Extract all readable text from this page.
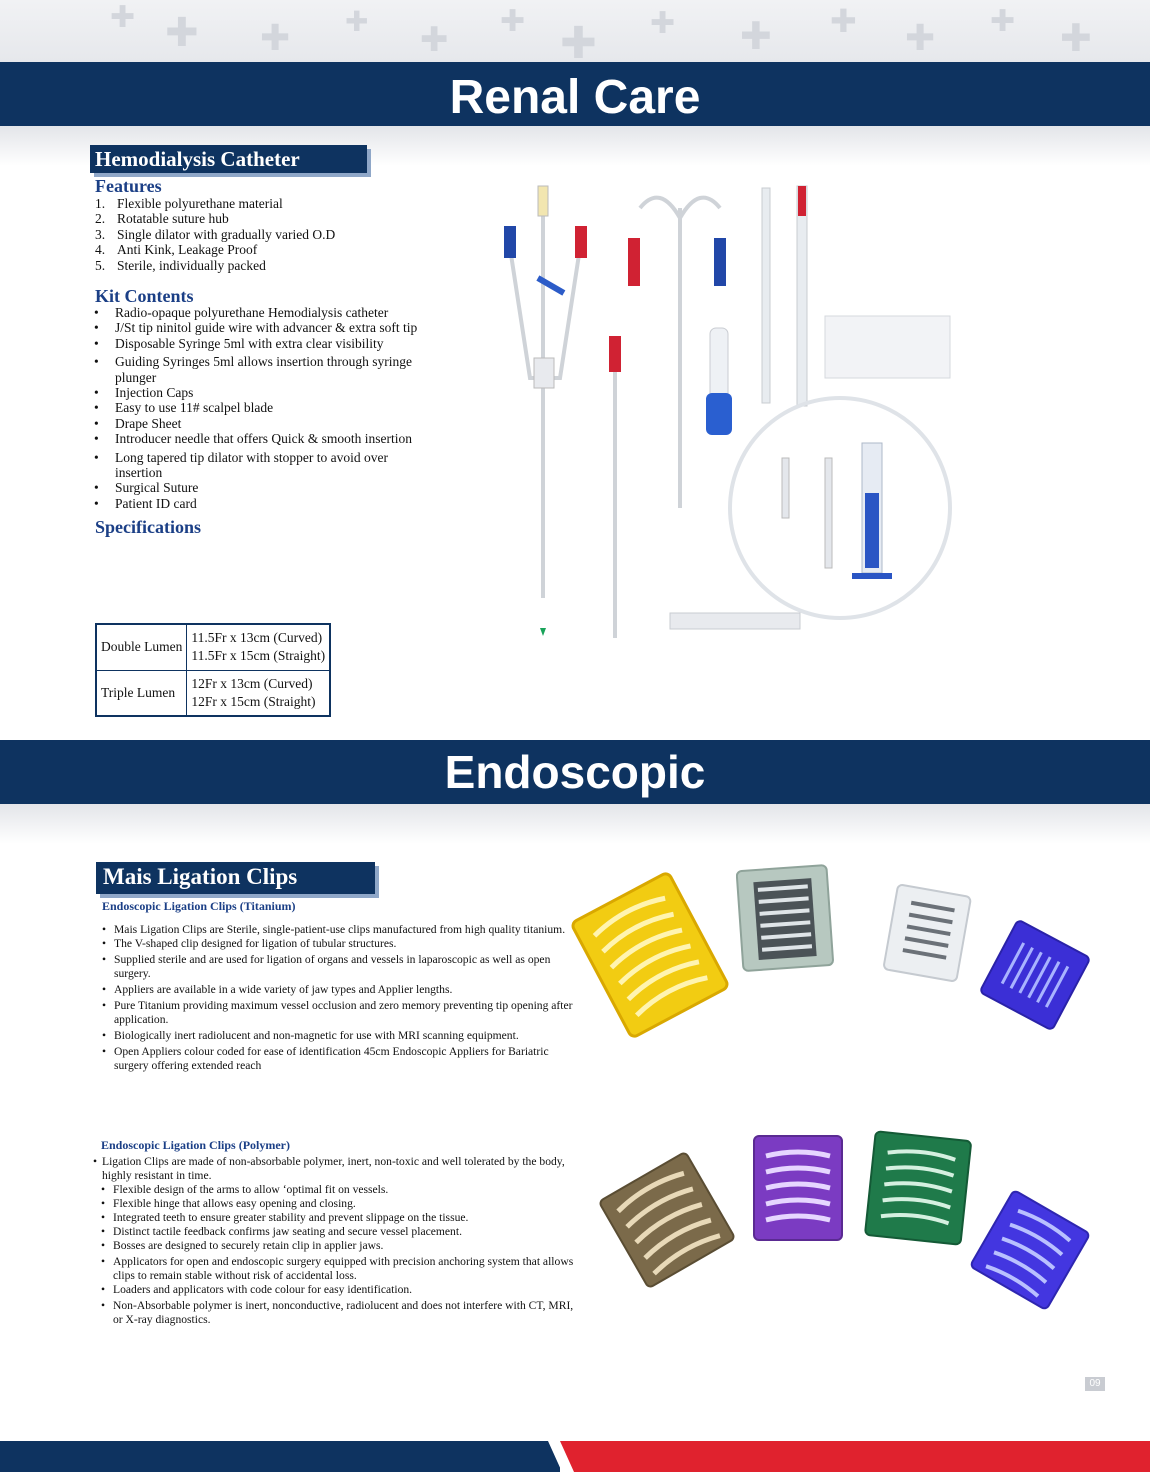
✚ ✚ ✚ ✚ ✚ ✚ ✚ ✚ ✚ ✚ ✚ ✚ ✚
Renal Care
Hemodialysis Catheter
Features
1. Flexible polyurethane material
2. Rotatable suture hub
3. Single dilator with gradually varied O.D
4. Anti Kink, Leakage Proof
5. Sterile, individually packed
Kit Contents
• Radio-opaque polyurethane Hemodialysis catheter
• J/St tip ninitol guide wire with advancer & extra soft tip
• Disposable Syringe 5ml with extra clear visibility
• Guiding Syringes 5ml allows insertion through syringe plunger
• Injection Caps
• Easy to use 11# scalpel blade
• Drape Sheet
• Introducer needle that offers Quick & smooth insertion
• Long tapered tip dilator with stopper to avoid over insertion
• Surgical Suture
• Patient ID card
Specifications
Double Lumen	11.5Fr x 13cm (Curved)
11.5Fr x 15cm (Straight)

Triple Lumen	12Fr x 13cm (Curved)
12Fr x 15cm (Straight)
Endoscopic
Mais Ligation Clips
Endoscopic Ligation Clips (Titanium)
• Mais Ligation Clips are Sterile, single-patient-use clips manufactured from high quality titanium.
• The V-shaped clip designed for ligation of tubular structures.
• Supplied sterile and are used for ligation of organs and vessels in laparoscopic as well as open surgery.
• Appliers are available in a wide variety of jaw types and Applier lengths.
• Pure Titanium providing maximum vessel occlusion and zero memory preventing tip opening after application.
• Biologically inert radiolucent and non-magnetic for use with MRI scanning equipment.
• Open Appliers colour coded for ease of identification 45cm Endoscopic Appliers for Bariatric surgery offering extended reach
Endoscopic Ligation Clips (Polymer)
• Ligation Clips are made of non-absorbable polymer, inert, non-toxic and well tolerated by the body, highly resistant in time.
• Flexible design of the arms to allow ‘optimal fit on vessels.
• Flexible hinge that allows easy opening and closing.
• Integrated teeth to ensure greater stability and prevent slippage on the tissue.
• Distinct tactile feedback confirms jaw seating and secure vessel placement.
• Bosses are designed to securely retain clip in applier jaws.
• Applicators for open and endoscopic surgery equipped with precision anchoring system that allows clips to remain stable without risk of accidental loss.
• Loaders and applicators with code colour for easy identification.
• Non-Absorbable polymer is inert, nonconductive, radiolucent and does not interfere with CT, MRI, or X-ray diagnostics.
09
